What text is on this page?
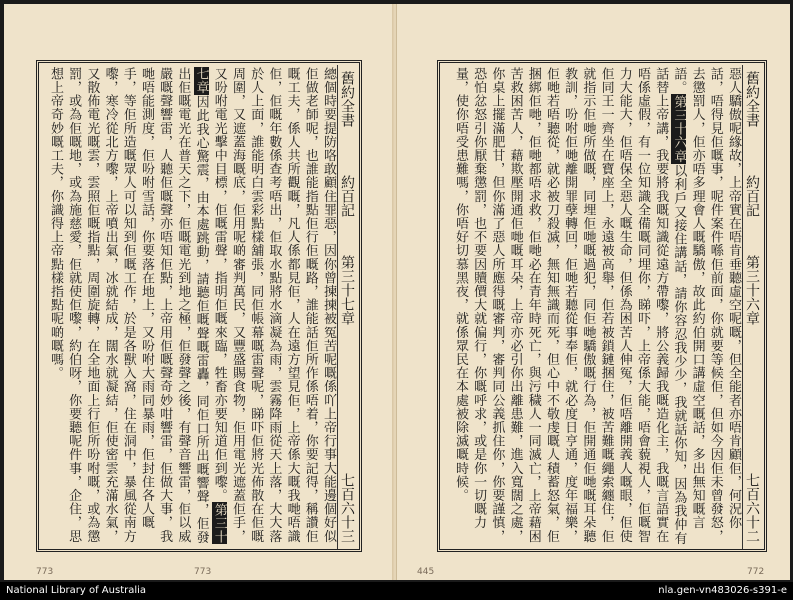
總個時要提防咯敢顧住罪惡，因你曾揀揀被冤苦呢嘅係吖上帝行事大能邊個好似佢做老師呢，也誰能指點佢行佢嘅路，誰能話佢所作係唔着，你要記得，稱讚佢嘅工夫，係人共所觀嘅，凡人係都見佢，人在遠方望見佢，上帝係大嘅我哋唔識佢，佢嘅年數係查考唔出，佢取水點將水滴凝為雨，雲霧降雨從天上落，大大落於人上面，誰能明白雲彩點樣舖張，同佢帳幕嘅雷聲呢，睇吓佢將光佈散在佢嘅周圍，又遮蓋海嘅底，佢用呢啲審判萬民，又豐盛賜食物，佢用電光遮蓋佢手，又吩咐電光擊中目標，佢嘅雷聲，指明佢嘅來臨，牲畜亦要知道佢到嚟。第三十七章因此我心驚震，由本處跳動，請聽佢嘅聲嘅雷轟，同佢口所出嘅響聲，佢發出佢嘅電光在普天之下，佢嘅電光到地之極，佢發聲之後，有聲音響雷，佢以威嚴嘅聲響雷，人聽佢嘅聲亦唔知佢點，上帝用佢嘅聲奇妙咁響雷，佢做大事，我哋唔能測度，佢吩咐雪話，你要落在地上，又吩咐大雨同暴雨，佢封住各人嘅手，等佢所造嘅眾人可以知到佢嘅工作，於是各獸入窩，住在洞中，暴風從南方嚟，寒冷從北方嚟，上帝噴出氣，冰就結成，闊水就凝結，佢使密雲充滿水氣，又散佈電光嘅雲，雲照佢嘅指點，周圍旋轉，在全地面上行佢所吩咐嘅，或為懲罰，或為佢嘅地，或為施慈愛，佢就使佢嚟，約伯呀，你要聽呢件事，企住，思想上帝奇妙嘅工夫，你識得上帝點樣指點呢啲嘅嗎。	舊約全書
約百記
第三十七章
七百六十三
773	773
惡人驕傲呢緣故，上帝實在唔肯垂聽虛空呢嘅，但全能者亦唔肯顧佢，何況你話，唔得見佢嘅事，呢件案件喺佢前面，你就要等候佢，但如今因佢未曾發怒，去懲罰人，佢亦唔多理會人嘅驕傲，故此約伯開口講虛空嘅話，多出無知嘅言語。第三十六章以利戶又接住講話，請你容忍我少少，我就話你知，因為我仲有話替上帝講，我要將我嘅知識從遠方帶嚟，將公義歸我嘅造化主，我嘅言語實在唔係虛假，有一位知識全備嘅同埋你，睇吓，上帝係大能，唔會藐視人，佢嘅智力大能大，佢唔保全惡人嘅生命，但係為困苦人伸冤，佢唔離開義人嘅眼，佢使佢同王一齊坐在寶座上，永遠被高舉，佢若被鎖鏈捆住，被苦難嘅繩索纏住，佢就指示佢哋所做嘅，同埋佢哋嘅過犯，同佢哋驕傲嘅行為，佢開通佢哋嘅耳朵聽教訓，吩咐佢哋離開罪孽轉回，佢哋若聽從事奉佢，就必度日亨通，度年福樂，佢哋若唔聽從，就必被刀殺滅，無知無識而死，但心中不敬虔嘅人積蓄怒氣，佢捆綁佢哋，佢哋都唔求救，佢哋必在青年時死亡，與污穢人一同滅亡，上帝藉困苦救困苦人，藉欺壓開通佢哋嘅耳朵，上帝亦必引你出離患難，進入寬闊之處，你桌上擺滿肥甘，但你滿了惡人所應得嘅審判，審判同公義抓住你，你要謹慎，恐怕忿怒引你厭棄懲罰，也不要因贖價大就偏行，你嘅呼求，或是你一切嘅力量，使你唔受患難嗎，你唔好切慕黑夜，就係眾民在本處被除滅嘅時候。	舊約全書
約百記
第三十六章
七百六十二
445	772
National Library of Australia	nla.gen-vn483026-s391-e
